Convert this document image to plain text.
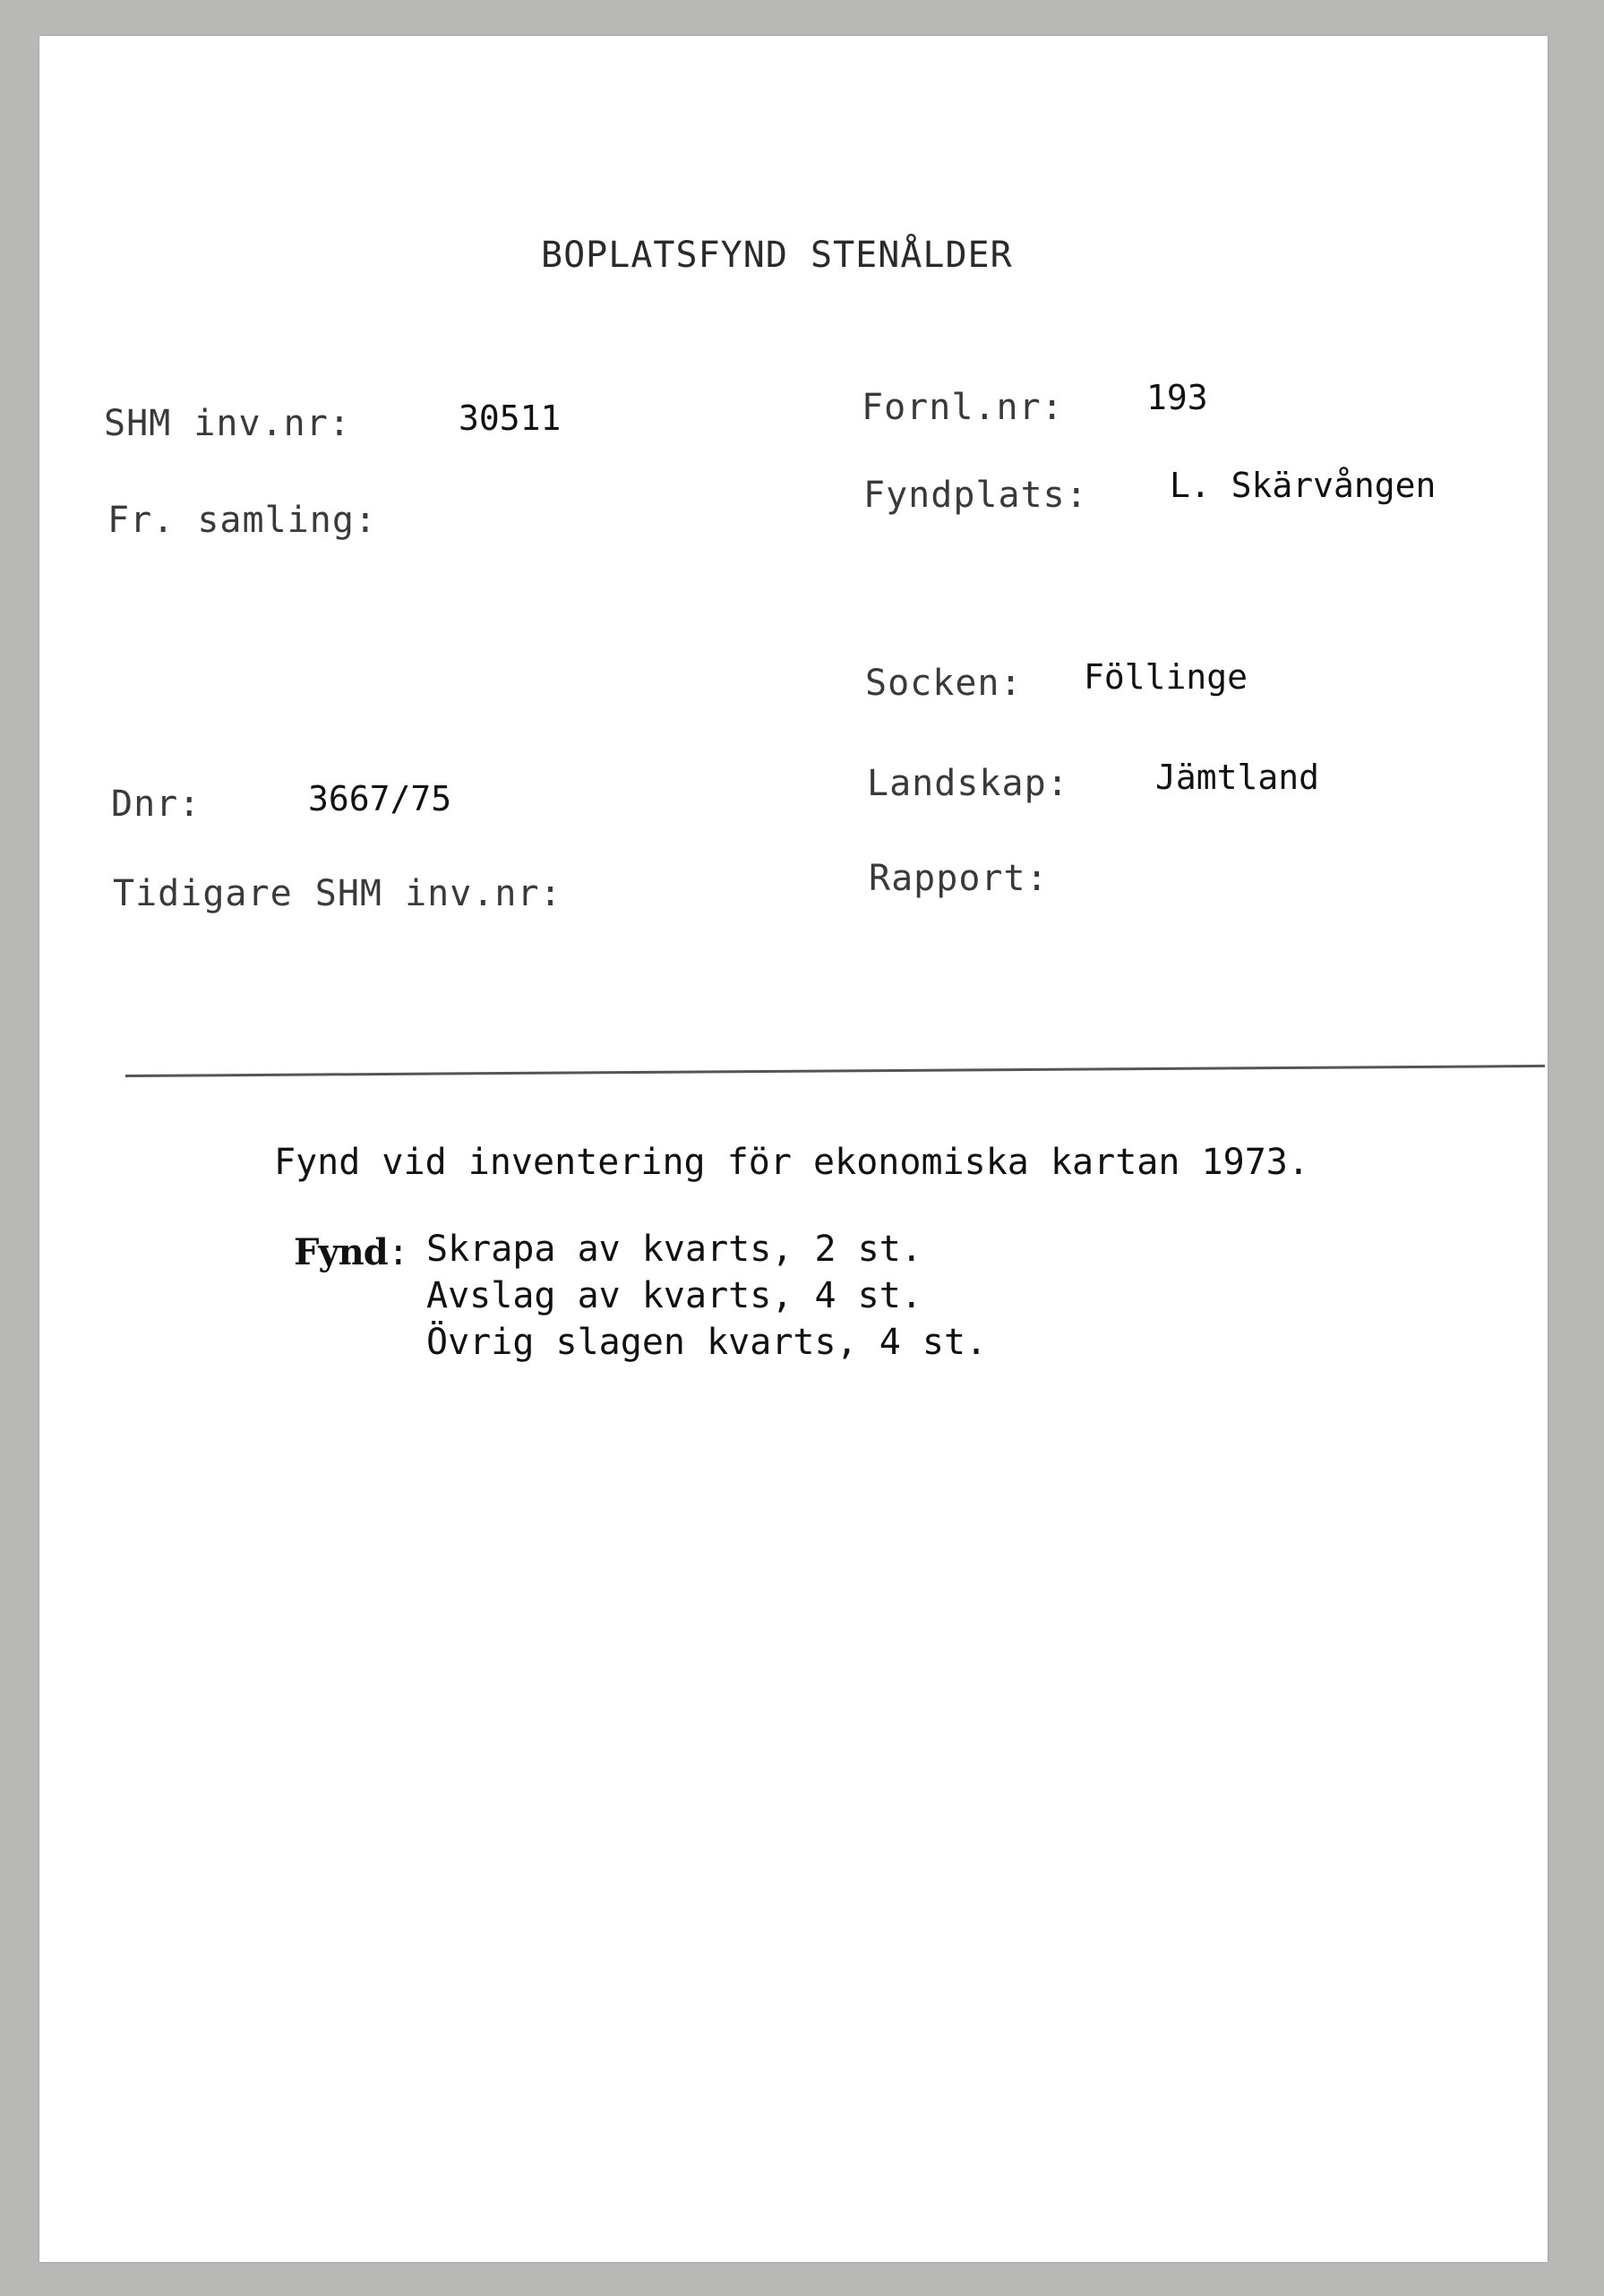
BOPLATSFYND STENÅLDER
SHM inv.nr:	30511
Fr. samling:
Dnr:	3667/75
Tidigare SHM inv.nr:
Fornl.nr: 193
Fyndplats: L. Skärvången
Socken: Föllinge
Landskap:	Jämtland
Rapport:
Fynd vid inventering för ekonomiska kartan 1973.
Fynd: Skrapa av kvarts, 2 st.
Avslag av kvarts, 4 st.
Övrig slagen kvarts, 4 st.
